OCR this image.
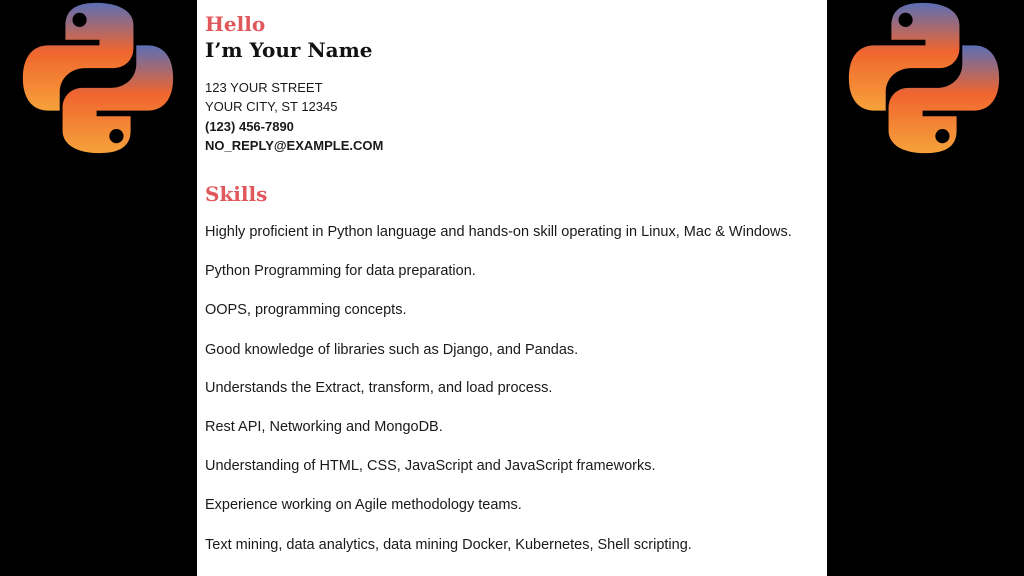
Hello
I’m Your Name

123 YOUR STREET

YOUR CITY, ST 12345

(123) 456-7890

NO_REPLY@EXAMPLE.COM

Skills
Highly proficient in Python language and hands-on skill operating in Linux, Mac & Windows.
Python Programming for data preparation.
OOPS, programming concepts.
Good knowledge of libraries such as Django, and Pandas.
Understands the Extract, transform, and load process.
Rest API, Networking and MongoDB.
Understanding of HTML, CSS, JavaScript and JavaScript frameworks.
Experience working on Agile methodology teams.
Text mining, data analytics, data mining Docker, Kubernetes, Shell scripting.
